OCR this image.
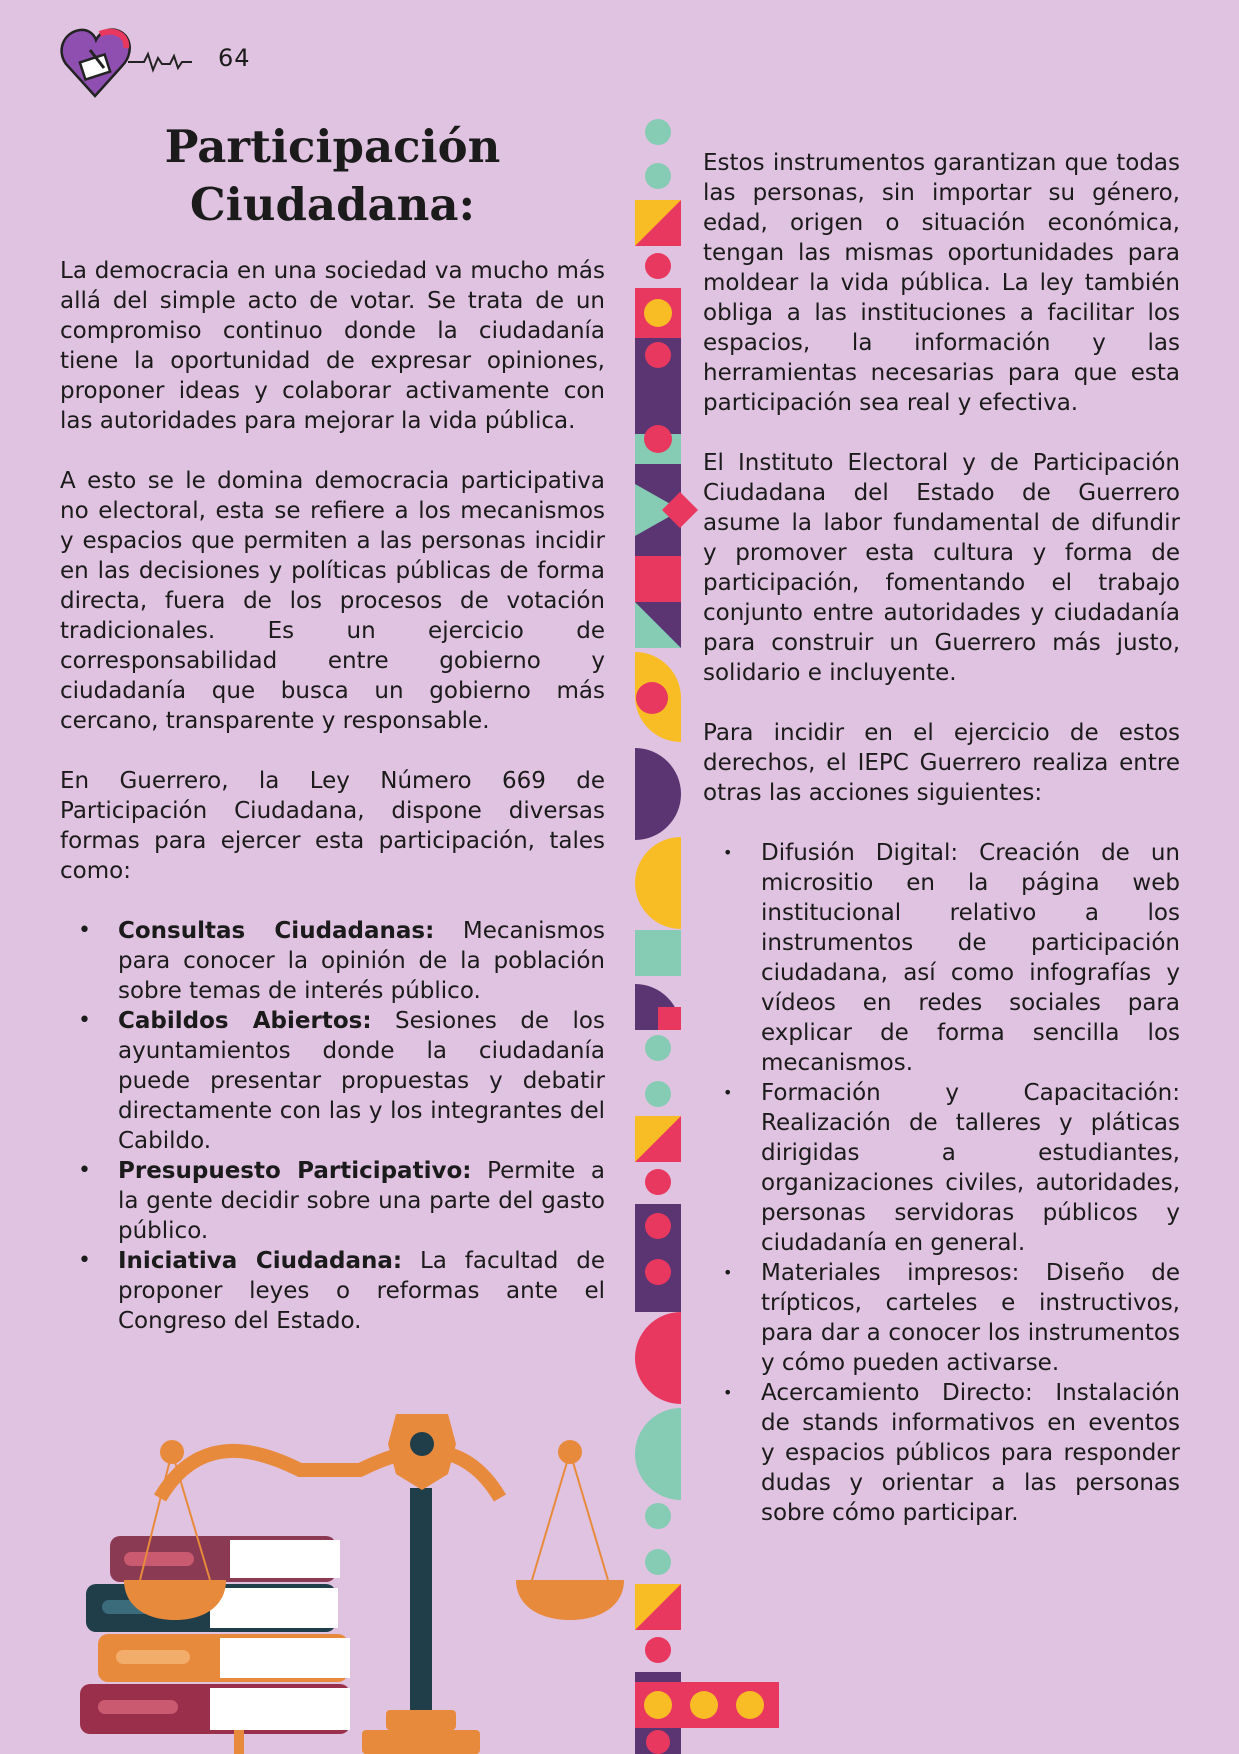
64
Participación
Ciudadana:

La democracia en una sociedad va mucho más allá del simple acto de votar. Se trata de un compromiso continuo donde la ciudadanía tiene la oportunidad de expresar opiniones, proponer ideas y colaborar activamente con las autoridades para mejorar la vida pública.

A esto se le domina democracia participativa no electoral, esta se refiere a los mecanismos y espacios que permiten a las personas incidir en las decisiones y políticas públicas de forma directa, fuera de los procesos de votación tradicionales. Es un ejercicio de corresponsabilidad entre gobierno y ciudadanía que busca un gobierno más cercano, transparente y responsable.

En Guerrero, la Ley Número 669 de Participación Ciudadana, dispone diversas formas para ejercer esta participación, tales como:

• Consultas Ciudadanas: Mecanismos para conocer la opinión de la población sobre temas de interés público.
• Cabildos Abiertos: Sesiones de los ayuntamientos donde la ciudadanía puede presentar propuestas y debatir directamente con las y los integrantes del Cabildo.
• Presupuesto Participativo: Permite a la gente decidir sobre una parte del gasto público.
• Iniciativa Ciudadana: La facultad de proponer leyes o reformas ante el Congreso del Estado.

Estos instrumentos garantizan que todas las personas, sin importar su género, edad, origen o situación económica, tengan las mismas oportunidades para moldear la vida pública. La ley también obliga a las instituciones a facilitar los espacios, la información y las herramientas necesarias para que esta participación sea real y efectiva.

El Instituto Electoral y de Participación Ciudadana del Estado de Guerrero asume la labor fundamental de difundir y promover esta cultura y forma de participación, fomentando el trabajo conjunto entre autoridades y ciudadanía para construir un Guerrero más justo, solidario e incluyente.

Para incidir en el ejercicio de estos derechos, el IEPC Guerrero realiza entre otras las acciones siguientes:

• Difusión Digital: Creación de un micrositio en la página web institucional relativo a los instrumentos de participación ciudadana, así como infografías y vídeos en redes sociales para explicar de forma sencilla los mecanismos.
• Formación y Capacitación: Realización de talleres y pláticas dirigidas a estudiantes, organizaciones civiles, autoridades, personas servidoras públicos y ciudadanía en general.
• Materiales impresos: Diseño de trípticos, carteles e instructivos, para dar a conocer los instrumentos y cómo pueden activarse.
• Acercamiento Directo: Instalación de stands informativos en eventos y espacios públicos para responder dudas y orientar a las personas sobre cómo participar.
